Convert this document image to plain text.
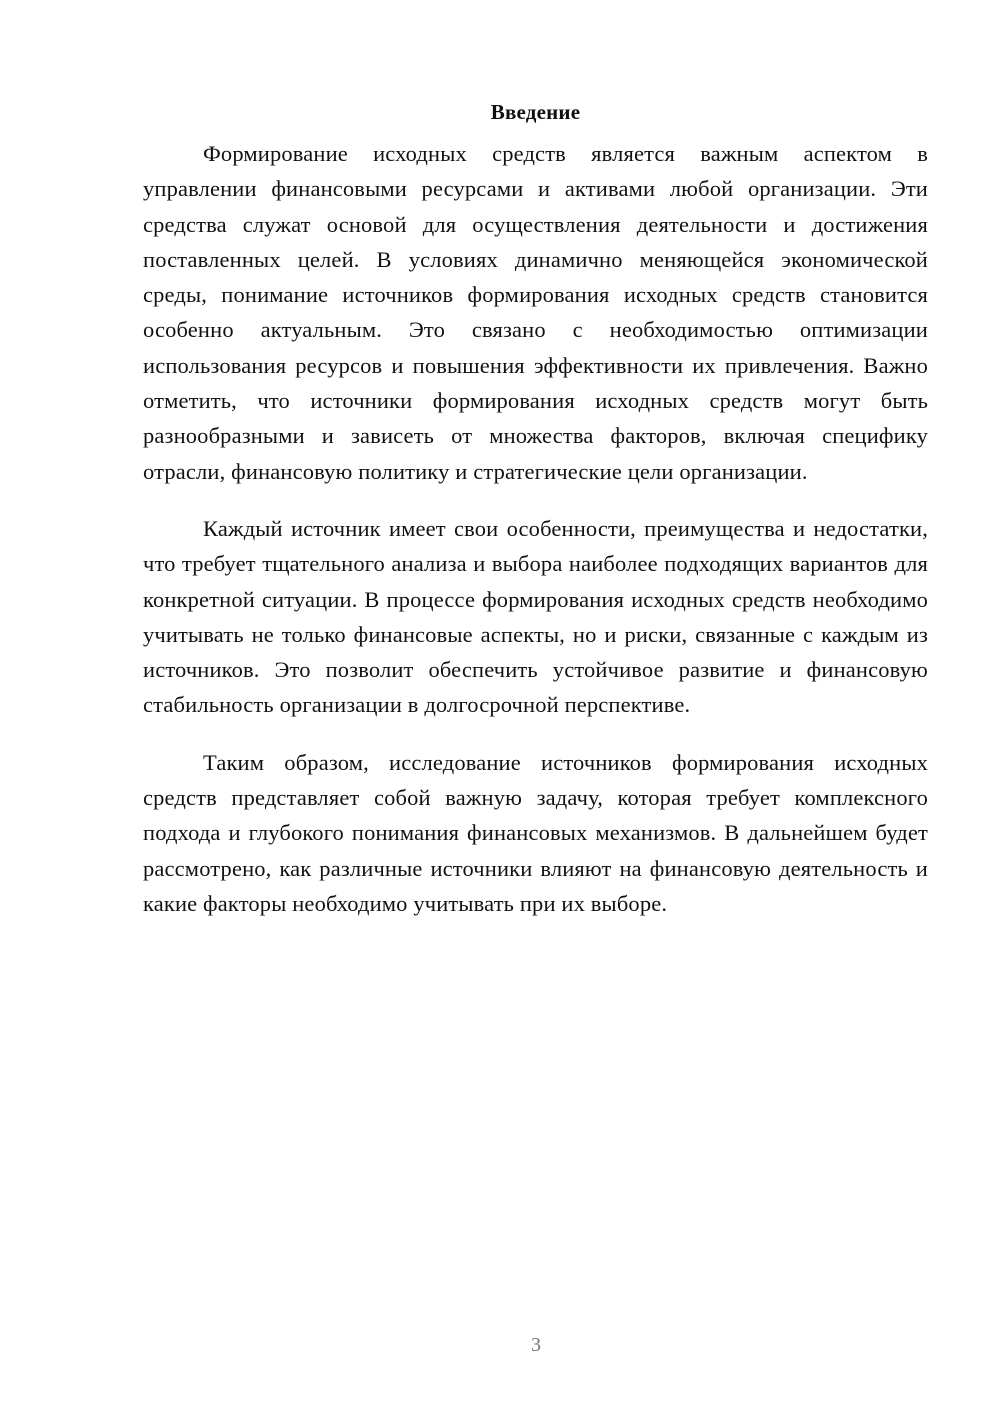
Введение

Формирование исходных средств является важным аспектом в управлении финансовыми ресурсами и активами любой организации. Эти средства служат основой для осуществления деятельности и достижения поставленных целей. В условиях динамично меняющейся экономической среды, понимание источников формирования исходных средств становится особенно актуальным. Это связано с необходимостью оптимизации использования ресурсов и повышения эффективности их привлечения. Важно отметить, что источники формирования исходных средств могут быть разнообразными и зависеть от множества факторов, включая специфику отрасли, финансовую политику и стратегические цели организации.

Каждый источник имеет свои особенности, преимущества и недостатки, что требует тщательного анализа и выбора наиболее подходящих вариантов для конкретной ситуации. В процессе формирования исходных средств необходимо учитывать не только финансовые аспекты, но и риски, связанные с каждым из источников. Это позволит обеспечить устойчивое развитие и финансовую стабильность организации в долгосрочной перспективе.

Таким образом, исследование источников формирования исходных средств представляет собой важную задачу, которая требует комплексного подхода и глубокого понимания финансовых механизмов. В дальнейшем будет рассмотрено, как различные источники влияют на финансовую деятельность и какие факторы необходимо учитывать при их выборе.

3
